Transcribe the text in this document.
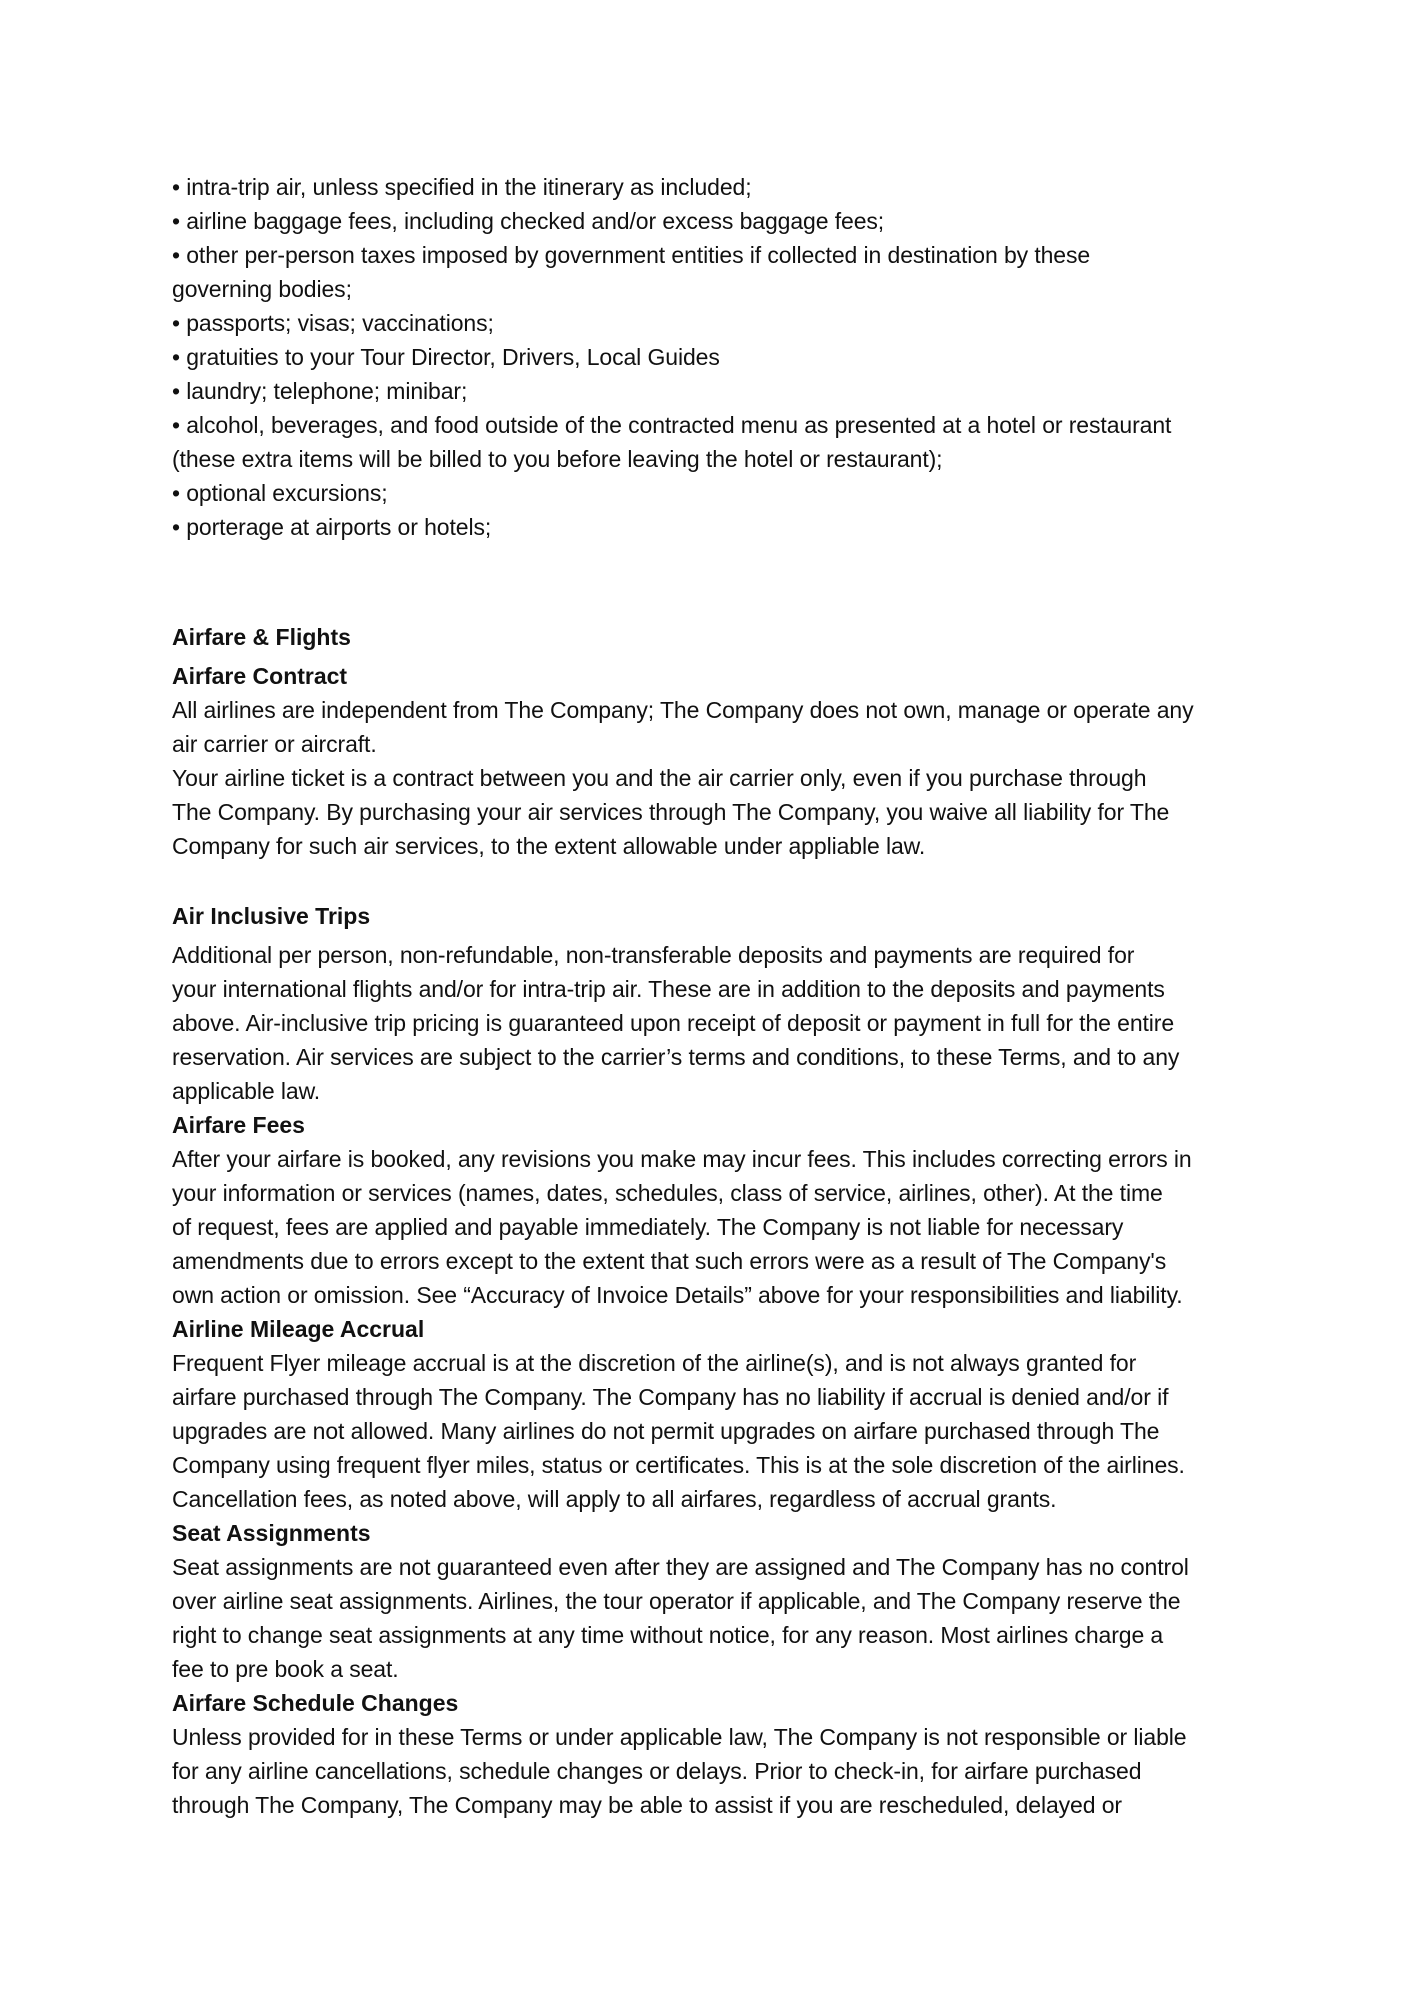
• intra-trip air, unless specified in the itinerary as included;
• airline baggage fees, including checked and/or excess baggage fees;
• other per-person taxes imposed by government entities if collected in destination by these
governing bodies;
• passports; visas; vaccinations;
• gratuities to your Tour Director, Drivers, Local Guides
• laundry; telephone; minibar;
• alcohol, beverages, and food outside of the contracted menu as presented at a hotel or restaurant
(these extra items will be billed to you before leaving the hotel or restaurant);
• optional excursions;
• porterage at airports or hotels;
Airfare & Flights
Airfare Contract
All airlines are independent from The Company; The Company does not own, manage or operate any
air carrier or aircraft.
Your airline ticket is a contract between you and the air carrier only, even if you purchase through
The Company. By purchasing your air services through The Company, you waive all liability for The
Company for such air services, to the extent allowable under appliable law.
Air Inclusive Trips
Additional per person, non-refundable, non-transferable deposits and payments are required for
your international flights and/or for intra-trip air. These are in addition to the deposits and payments
above. Air-inclusive trip pricing is guaranteed upon receipt of deposit or payment in full for the entire
reservation. Air services are subject to the carrier’s terms and conditions, to these Terms, and to any
applicable law.
Airfare Fees
After your airfare is booked, any revisions you make may incur fees. This includes correcting errors in
your information or services (names, dates, schedules, class of service, airlines, other). At the time
of request, fees are applied and payable immediately. The Company is not liable for necessary
amendments due to errors except to the extent that such errors were as a result of The Company's
own action or omission. See “Accuracy of Invoice Details” above for your responsibilities and liability.
Airline Mileage Accrual
Frequent Flyer mileage accrual is at the discretion of the airline(s), and is not always granted for
airfare purchased through The Company. The Company has no liability if accrual is denied and/or if
upgrades are not allowed. Many airlines do not permit upgrades on airfare purchased through The
Company using frequent flyer miles, status or certificates. This is at the sole discretion of the airlines.
Cancellation fees, as noted above, will apply to all airfares, regardless of accrual grants.
Seat Assignments
Seat assignments are not guaranteed even after they are assigned and The Company has no control
over airline seat assignments. Airlines, the tour operator if applicable, and The Company reserve the
right to change seat assignments at any time without notice, for any reason. Most airlines charge a
fee to pre book a seat.
Airfare Schedule Changes
Unless provided for in these Terms or under applicable law, The Company is not responsible or liable
for any airline cancellations, schedule changes or delays. Prior to check-in, for airfare purchased
through The Company, The Company may be able to assist if you are rescheduled, delayed or
